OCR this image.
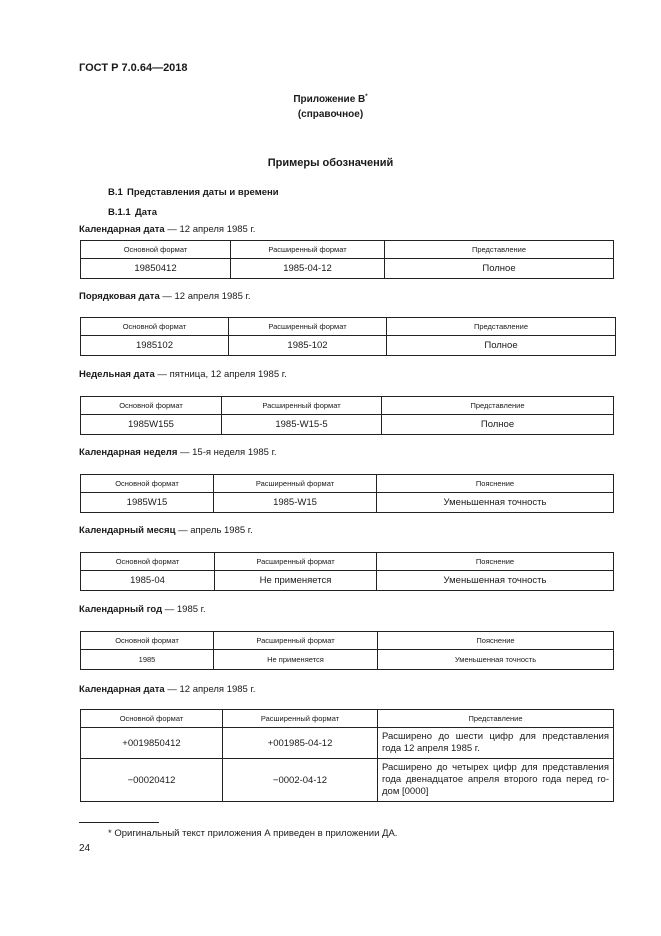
ГОСТ Р 7.0.64—2018
Приложение В*
(справочное)
Примеры обозначений
В.1 Представления даты и времени
В.1.1 Дата
Календарная дата — 12 апреля 1985 г.
Основной формат	Расширенный формат	Представление
19850412	1985-04-12	Полное
Порядковая дата — 12 апреля 1985 г.
Основной формат	Расширенный формат	Представление
1985102	1985-102	Полное
Недельная дата — пятница, 12 апреля 1985 г.
Основной формат	Расширенный формат	Представление
1985W155	1985-W15-5	Полное
Календарная неделя — 15-я неделя 1985 г.
Основной формат	Расширенный формат	Пояснение
1985W15	1985-W15	Уменьшенная точность
Календарный месяц — апрель 1985 г.
Основной формат	Расширенный формат	Пояснение
1985-04	Не применяется	Уменьшенная точность
Календарный год — 1985 г.
Основной формат	Расширенный формат	Пояснение
1985	Не применяется	Уменьшенная точность
Календарная дата — 12 апреля 1985 г.
Основной формат	Расширенный формат	Представление
+0019850412	+001985-04-12	Расширено до шести цифр для представления года 12 апреля 1985 г.
−00020412	−0002-04-12	Расширено до четырех цифр для представления года двенадцатое апреля второго года перед го-дом [0000]
* Оригинальный текст приложения А приведен в приложении ДА.
24
